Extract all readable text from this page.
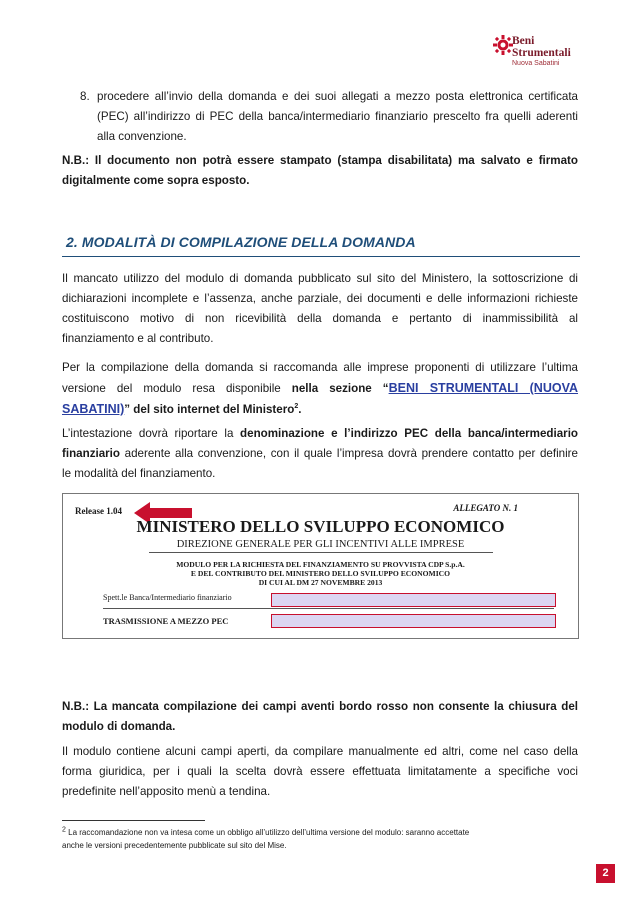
Beni
Strumentali
Nuova Sabatini
8. procedere all’invio della domanda e dei suoi allegati a mezzo posta elettronica certificata
(PEC) all’indirizzo di PEC della banca/intermediario finanziario prescelto fra quelli aderenti
alla convenzione.
N.B.: Il documento non potrà essere stampato (stampa disabilitata) ma salvato e firmato
digitalmente come sopra esposto.
2. MODALITÀ DI COMPILAZIONE DELLA DOMANDA
Il mancato utilizzo del modulo di domanda pubblicato sul sito del Ministero, la sottoscrizione di
dichiarazioni incomplete e l’assenza, anche parziale, dei documenti e delle informazioni richieste
costituiscono motivo di non ricevibilità della domanda e pertanto di inammissibilità al
finanziamento e al contributo.
Per la compilazione della domanda si raccomanda alle imprese proponenti di utilizzare l’ultima
versione del modulo resa disponibile nella sezione “BENI STRUMENTALI (NUOVA
SABATINI)” del sito internet del Ministero$^2$.
L’intestazione dovrà riportare la denominazione e l’indirizzo PEC della banca/intermediario
finanziario aderente alla convenzione, con il quale l’impresa dovrà prendere contatto per definire
le modalità del finanziamento.
Release 1.04	ALLEGATO N. 1
MINISTERO DELLO SVILUPPO ECONOMICO
DIREZIONE GENERALE PER GLI INCENTIVI ALLE IMPRESE
MODULO PER LA RICHIESTA DEL FINANZIAMENTO SU PROVVISTA CDP S.p.A.
E DEL CONTRIBUTO DEL MINISTERO DELLO SVILUPPO ECONOMICO
DI CUI AL DM 27 NOVEMBRE 2013
Spett.le Banca/Intermediario finanziario
TRASMISSIONE A MEZZO PEC
N.B.: La mancata compilazione dei campi aventi bordo rosso non consente la chiusura del
modulo di domanda.
Il modulo contiene alcuni campi aperti, da compilare manualmente ed altri, come nel caso della
forma giuridica, per i quali la scelta dovrà essere effettuata limitatamente a specifiche voci
predefinite nell’apposito menù a tendina.
$^2$ La raccomandazione non va intesa come un obbligo all’utilizzo dell’ultima versione del modulo: saranno accettate
anche le versioni precedentemente pubblicate sul sito del Mise.
2
